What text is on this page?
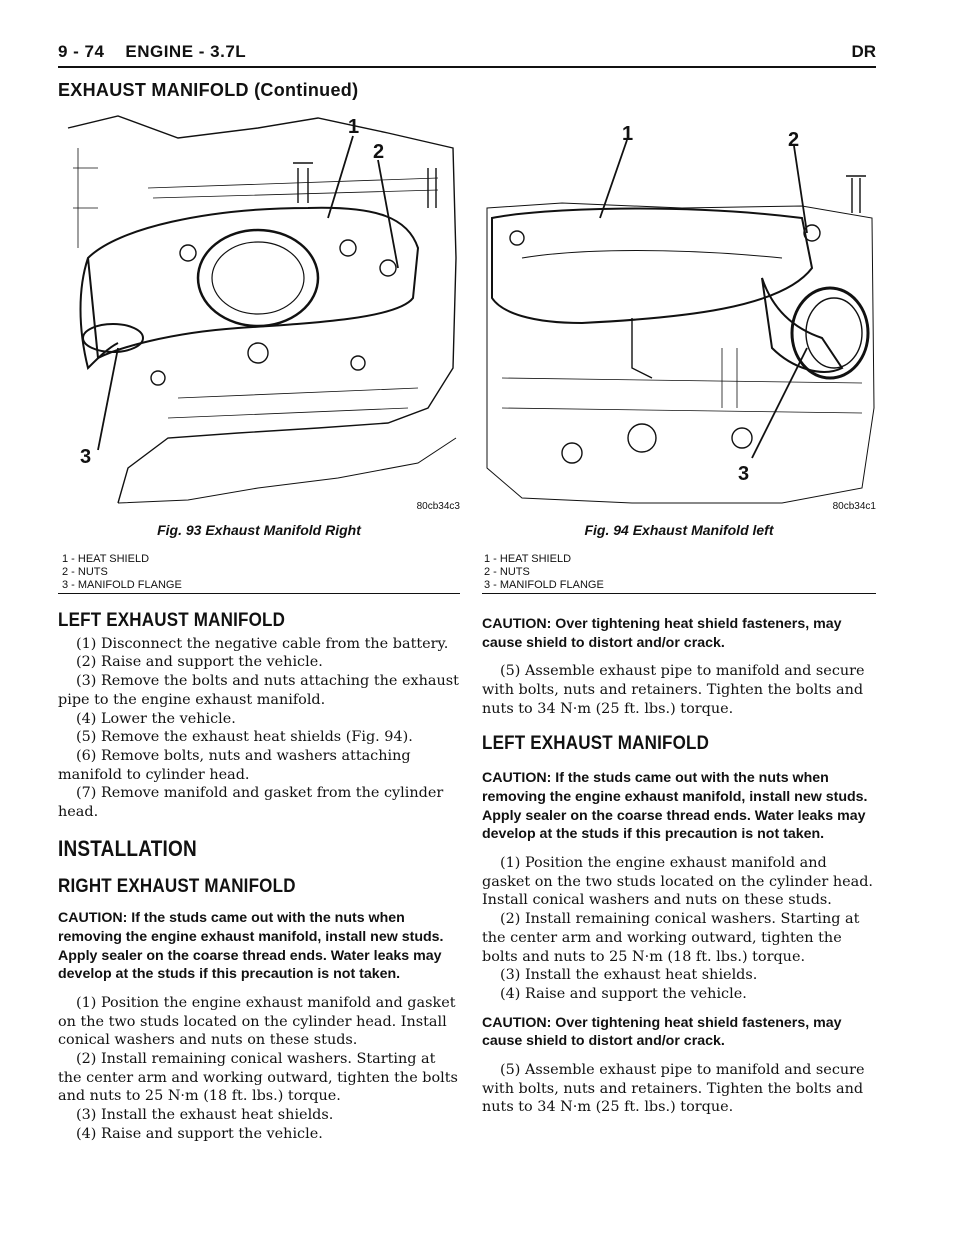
9 - 74    ENGINE - 3.7L	DR
EXHAUST MANIFOLD (Continued)
1
2
3
80cb34c3
Fig. 93 Exhaust Manifold Right
1 - HEAT SHIELD
2 - NUTS
3 - MANIFOLD FLANGE
1	2
3
80cb34c1
Fig. 94 Exhaust Manifold left
1 - HEAT SHIELD
2 - NUTS
3 - MANIFOLD FLANGE
LEFT EXHAUST MANIFOLD

(1) Disconnect the negative cable from the battery.

(2) Raise and support the vehicle.

(3) Remove the bolts and nuts attaching the exhaust pipe to the engine exhaust manifold.

(4) Lower the vehicle.

(5) Remove the exhaust heat shields (Fig. 94).

(6) Remove bolts, nuts and washers attaching manifold to cylinder head.

(7) Remove manifold and gasket from the cylinder head.

INSTALLATION
RIGHT EXHAUST MANIFOLD

CAUTION: If the studs came out with the nuts when removing the engine exhaust manifold, install new studs. Apply sealer on the coarse thread ends. Water leaks may develop at the studs if this precaution is not taken.

(1) Position the engine exhaust manifold and gasket on the two studs located on the cylinder head. Install conical washers and nuts on these studs.

(2) Install remaining conical washers. Starting at the center arm and working outward, tighten the bolts and nuts to 25 N·m (18 ft. lbs.) torque.

(3) Install the exhaust heat shields.

(4) Raise and support the vehicle.

CAUTION: Over tightening heat shield fasteners, may cause shield to distort and/or crack.

(5) Assemble exhaust pipe to manifold and secure with bolts, nuts and retainers. Tighten the bolts and nuts to 34 N·m (25 ft. lbs.) torque.

LEFT EXHAUST MANIFOLD

CAUTION: If the studs came out with the nuts when removing the engine exhaust manifold, install new studs. Apply sealer on the coarse thread ends. Water leaks may develop at the studs if this precaution is not taken.

(1) Position the engine exhaust manifold and gasket on the two studs located on the cylinder head. Install conical washers and nuts on these studs.

(2) Install remaining conical washers. Starting at the center arm and working outward, tighten the bolts and nuts to 25 N·m (18 ft. lbs.) torque.

(3) Install the exhaust heat shields.

(4) Raise and support the vehicle.

CAUTION: Over tightening heat shield fasteners, may cause shield to distort and/or crack.

(5) Assemble exhaust pipe to manifold and secure with bolts, nuts and retainers. Tighten the bolts and nuts to 34 N·m (25 ft. lbs.) torque.
